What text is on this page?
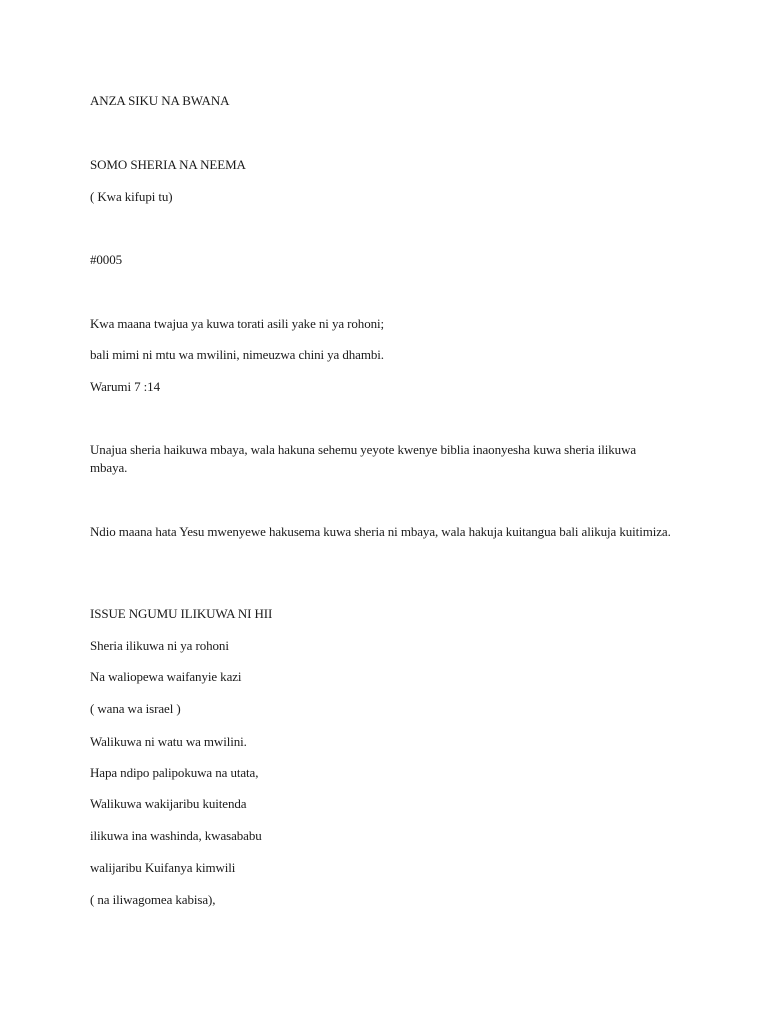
ANZA SIKU NA BWANA

SOMO SHERIA NA NEEMA

( Kwa kifupi tu)

#0005

Kwa maana twajua ya kuwa torati asili yake ni ya rohoni;

bali mimi ni mtu wa mwilini, nimeuzwa chini ya dhambi.

Warumi 7 :14

Unajua sheria haikuwa mbaya, wala hakuna sehemu yeyote kwenye biblia inaonyesha kuwa sheria ilikuwa mbaya.

Ndio maana hata Yesu mwenyewe hakusema kuwa sheria ni mbaya, wala hakuja kuitangua bali alikuja kuitimiza.

ISSUE NGUMU ILIKUWA NI HII

Sheria ilikuwa ni ya rohoni

Na waliopewa waifanyie kazi

( wana wa israel )

Walikuwa ni watu wa mwilini.

Hapa ndipo palipokuwa na utata,

Walikuwa wakijaribu kuitenda

ilikuwa ina washinda, kwasababu

walijaribu Kuifanya kimwili

( na iliwagomea kabisa),
